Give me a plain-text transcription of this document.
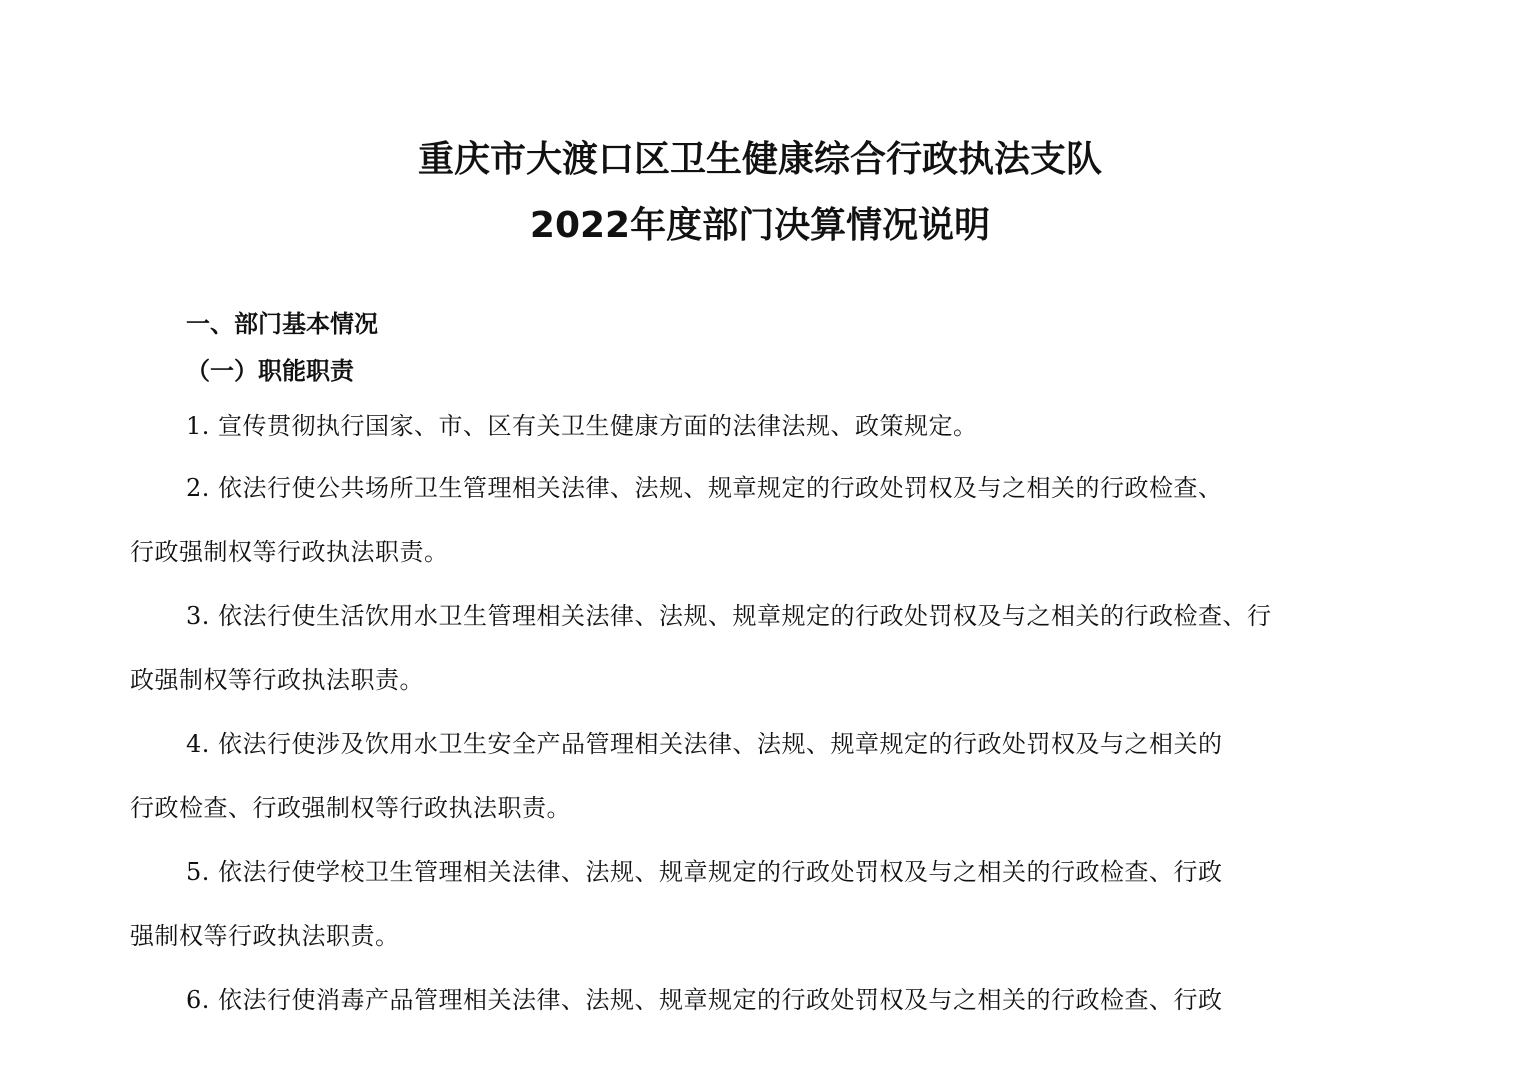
重庆市大渡口区卫生健康综合行政执法支队
2022年度部门决算情况说明
一、部门基本情况
（一）职能职责
1. 宣传贯彻执行国家、市、区有关卫生健康方面的法律法规、政策规定。
2. 依法行使公共场所卫生管理相关法律、法规、规章规定的行政处罚权及与之相关的行政检查、
行政强制权等行政执法职责。
3. 依法行使生活饮用水卫生管理相关法律、法规、规章规定的行政处罚权及与之相关的行政检查、行
政强制权等行政执法职责。
4. 依法行使涉及饮用水卫生安全产品管理相关法律、法规、规章规定的行政处罚权及与之相关的
行政检查、行政强制权等行政执法职责。
5. 依法行使学校卫生管理相关法律、法规、规章规定的行政处罚权及与之相关的行政检查、行政
强制权等行政执法职责。
6. 依法行使消毒产品管理相关法律、法规、规章规定的行政处罚权及与之相关的行政检查、行政
